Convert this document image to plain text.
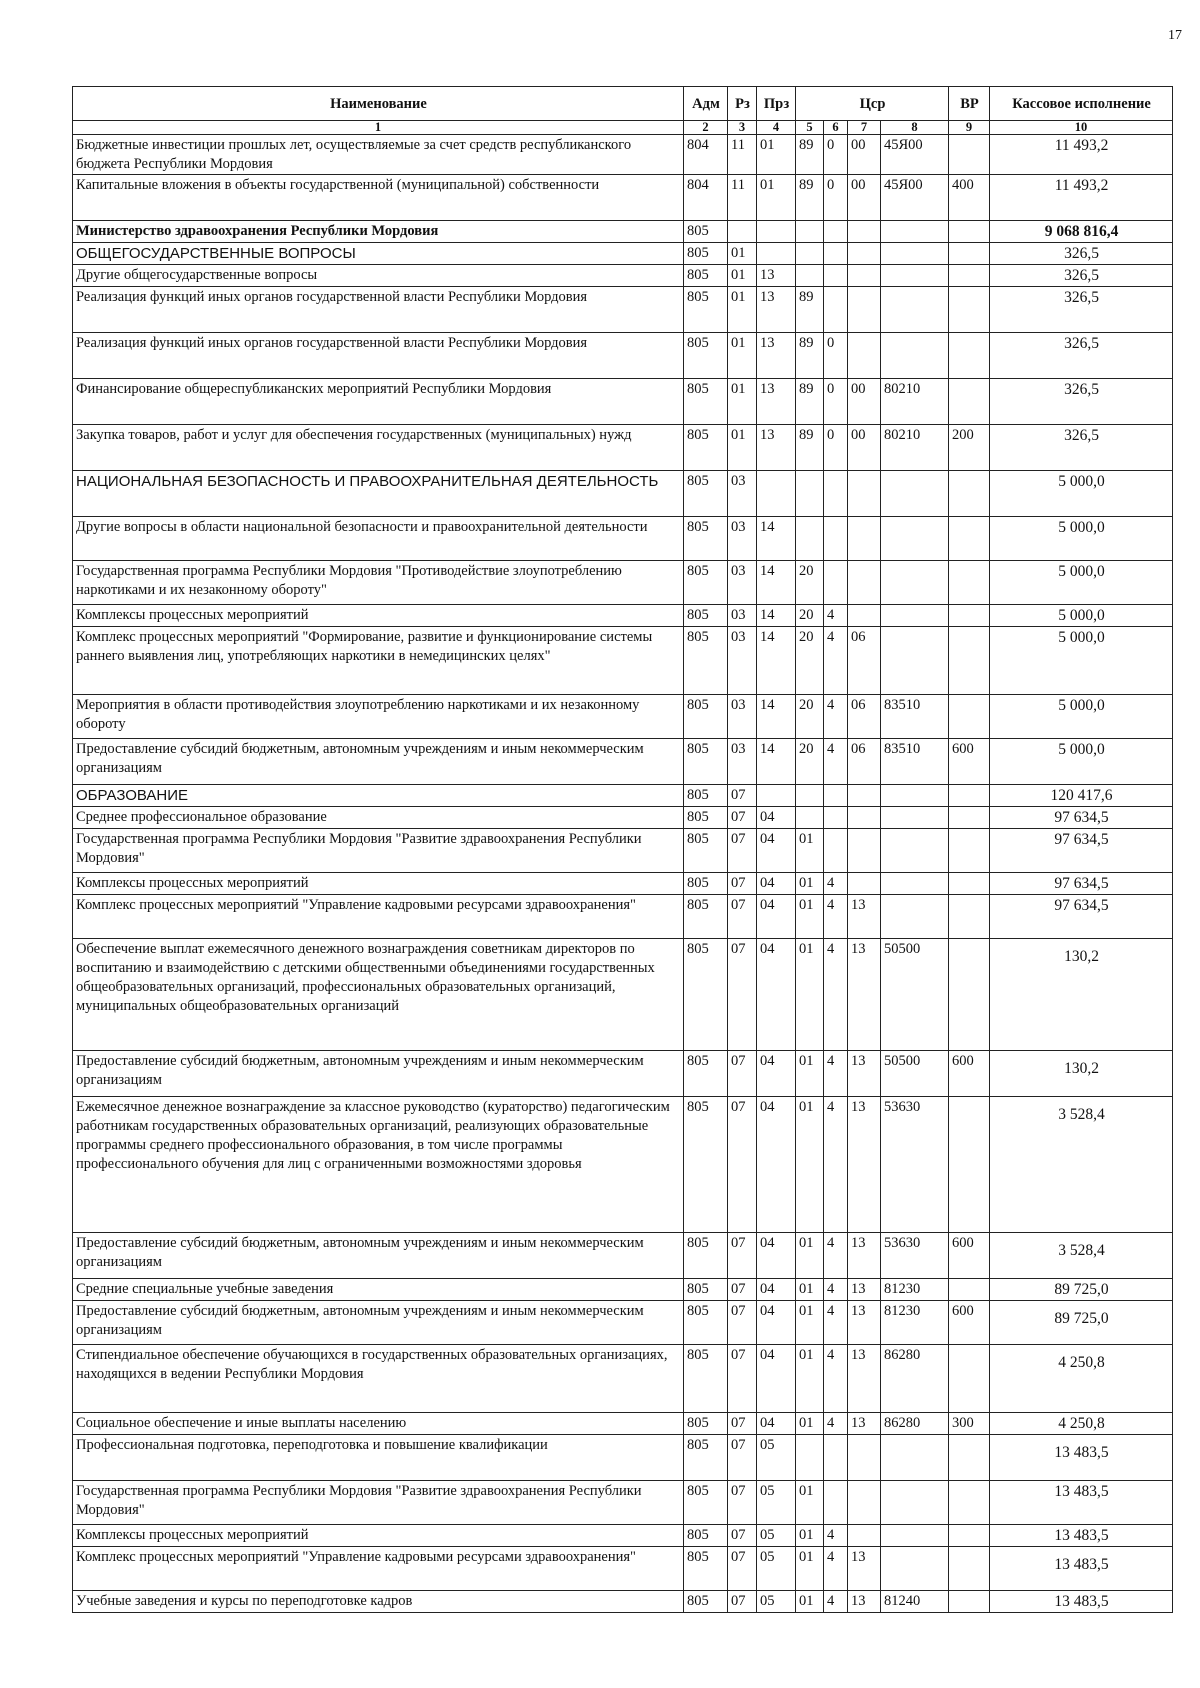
17
Наименование	Адм	Рз	Прз	Цср				ВР	Кассовое исполнение
1	2	3	4	5	6	7	8	9	10
Бюджетные инвестиции прошлых лет, осуществляемые за счет средств республиканского бюджета Республики Мордовия	804	11	01	89	0	00	45Я00		11 493,2
Капитальные вложения в объекты государственной (муниципальной) собственности	804	11	01	89	0	00	45Я00	400	11 493,2
Министерство здравоохранения Республики Мордовия	805								9 068 816,4
ОБЩЕГОСУДАРСТВЕННЫЕ ВОПРОСЫ	805	01							326,5
Другие общегосударственные вопросы	805	01	13						326,5
Реализация функций иных органов государственной власти Республики Мордовия	805	01	13	89					326,5
Реализация функций иных органов государственной власти Республики Мордовия	805	01	13	89	0				326,5
Финансирование общереспубликанских мероприятий Республики Мордовия	805	01	13	89	0	00	80210		326,5
Закупка товаров, работ и услуг для обеспечения государственных (муниципальных) нужд	805	01	13	89	0	00	80210	200	326,5
НАЦИОНАЛЬНАЯ БЕЗОПАСНОСТЬ И ПРАВООХРАНИТЕЛЬНАЯ ДЕЯТЕЛЬНОСТЬ	805	03							5 000,0
Другие вопросы в области национальной безопасности и правоохранительной деятельности	805	03	14						5 000,0
Государственная программа Республики Мордовия "Противодействие злоупотреблению наркотиками и их незаконному обороту"	805	03	14	20					5 000,0
Комплексы процессных мероприятий	805	03	14	20	4				5 000,0
Комплекс процессных мероприятий "Формирование, развитие и функционирование системы раннего выявления лиц, употребляющих наркотики в немедицинских целях"	805	03	14	20	4	06			5 000,0
Мероприятия в области противодействия злоупотреблению наркотиками и их незаконному обороту	805	03	14	20	4	06	83510		5 000,0
Предоставление субсидий бюджетным, автономным учреждениям и иным некоммерческим организациям	805	03	14	20	4	06	83510	600	5 000,0
ОБРАЗОВАНИЕ	805	07							120 417,6
Среднее профессиональное образование	805	07	04						97 634,5
Государственная программа Республики Мордовия "Развитие здравоохранения Республики Мордовия"	805	07	04	01					97 634,5
Комплексы процессных мероприятий	805	07	04	01	4				97 634,5
Комплекс процессных мероприятий "Управление кадровыми ресурсами здравоохранения"	805	07	04	01	4	13			97 634,5
Обеспечение выплат ежемесячного денежного вознаграждения советникам директоров по воспитанию и взаимодействию с детскими общественными объединениями государственных общеобразовательных организаций, профессиональных образовательных организаций, муниципальных общеобразовательных организаций	805	07	04	01	4	13	50500		130,2
Предоставление субсидий бюджетным, автономным учреждениям и иным некоммерческим организациям	805	07	04	01	4	13	50500	600	130,2
Ежемесячное денежное вознаграждение за классное руководство (кураторство) педагогическим работникам государственных образовательных организаций, реализующих образовательные программы среднего профессионального образования, в том числе программы профессионального обучения для лиц с ограниченными возможностями здоровья	805	07	04	01	4	13	53630		3 528,4
Предоставление субсидий бюджетным, автономным учреждениям и иным некоммерческим организациям	805	07	04	01	4	13	53630	600	3 528,4
Средние специальные учебные заведения	805	07	04	01	4	13	81230		89 725,0
Предоставление субсидий бюджетным, автономным учреждениям и иным некоммерческим организациям	805	07	04	01	4	13	81230	600	89 725,0
Стипендиальное обеспечение обучающихся в государственных образовательных организациях, находящихся в ведении Республики Мордовия	805	07	04	01	4	13	86280		4 250,8
Социальное обеспечение и иные выплаты населению	805	07	04	01	4	13	86280	300	4 250,8
Профессиональная подготовка, переподготовка и повышение квалификации	805	07	05						13 483,5
Государственная программа Республики Мордовия "Развитие здравоохранения Республики Мордовия"	805	07	05	01					13 483,5
Комплексы процессных мероприятий	805	07	05	01	4				13 483,5
Комплекс процессных мероприятий "Управление кадровыми ресурсами здравоохранения"	805	07	05	01	4	13			13 483,5
Учебные заведения и курсы по переподготовке кадров	805	07	05	01	4	13	81240		13 483,5
